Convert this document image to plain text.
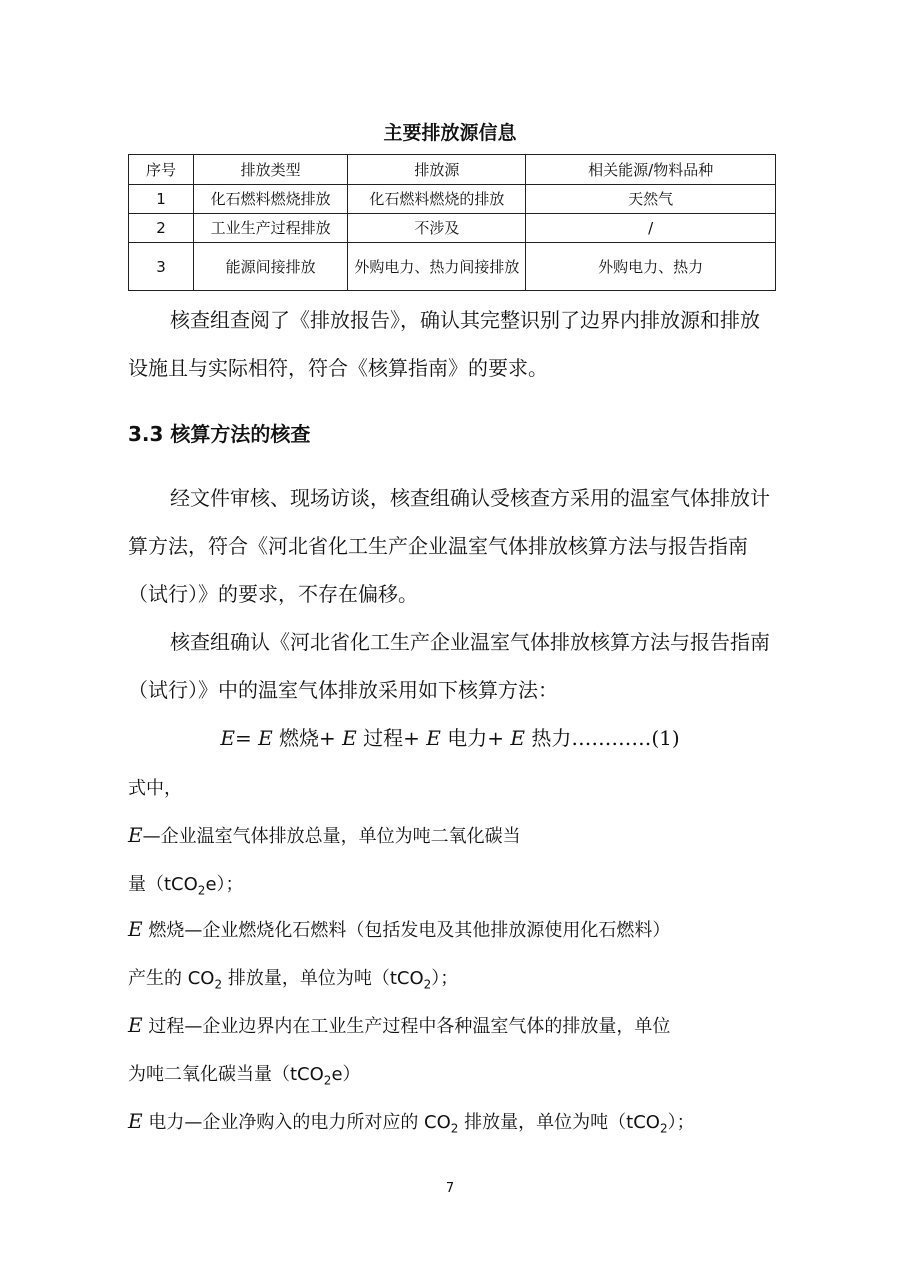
主要排放源信息
序号	排放类型	排放源	相关能源/物料品种
1	化石燃料燃烧排放	化石燃料燃烧的排放	天然气
2	工业生产过程排放	不涉及	/
3	能源间接排放	外购电力、热力间接排放	外购电力、热力
核查组查阅了《排放报告》，确认其完整识别了边界内排放源和排放设施且与实际相符，符合《核算指南》的要求。
3.3 核算方法的核查
经文件审核、现场访谈，核查组确认受核查方采用的温室气体排放计算方法，符合《河北省化工生产企业温室气体排放核算方法与报告指南（试行）》的要求，不存在偏移。
核查组确认《河北省化工生产企业温室气体排放核算方法与报告指南（试行）》中的温室气体排放采用如下核算方法：
E= E 燃烧+ E 过程+ E 电力+ E 热力…………(1)
式中，
E—企业温室气体排放总量，单位为吨二氧化碳当
量（tCO$_2$e）；
E 燃烧—企业燃烧化石燃料（包括发电及其他排放源使用化石燃料）
产生的 $CO_2$ 排放量，单位为吨（tCO$_2$）；
E 过程—企业边界内在工业生产过程中各种温室气体的排放量，单位
为吨二氧化碳当量（tCO$_2$e）
E 电力—企业净购入的电力所对应的 $CO_2$ 排放量，单位为吨（tCO$_2$）；
7
